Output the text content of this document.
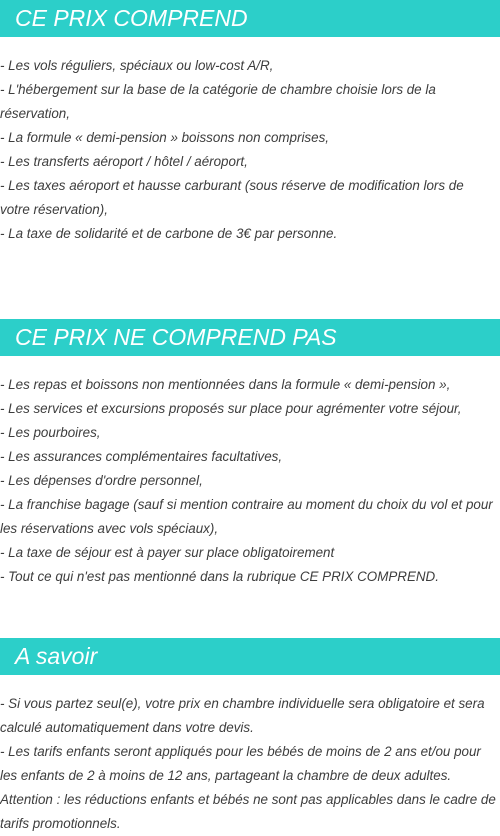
CE PRIX COMPREND

- Les vols réguliers, spéciaux ou low-cost A/R,

- L'hébergement sur la base de la catégorie de chambre choisie lors de la réservation,

- La formule « demi-pension » boissons non comprises,

- Les transferts aéroport / hôtel / aéroport,

- Les taxes aéroport et hausse carburant (sous réserve de modification lors de votre réservation),

- La taxe de solidarité et de carbone de 3€ par personne.

CE PRIX NE COMPREND PAS

- Les repas et boissons non mentionnées dans la formule « demi-pension »,

- Les services et excursions proposés sur place pour agrémenter votre séjour,

- Les pourboires,

- Les assurances complémentaires facultatives,

- Les dépenses d'ordre personnel,

- La franchise bagage (sauf si mention contraire au moment du choix du vol et pour les réservations avec vols spéciaux),

- La taxe de séjour est à payer sur place obligatoirement

- Tout ce qui n'est pas mentionné dans la rubrique CE PRIX COMPREND.

A savoir

- Si vous partez seul(e), votre prix en chambre individuelle sera obligatoire et sera calculé automatiquement dans votre devis.

- Les tarifs enfants seront appliqués pour les bébés de moins de 2 ans et/ou pour les enfants de 2 à moins de 12 ans, partageant la chambre de deux adultes.

Attention : les réductions enfants et bébés ne sont pas applicables dans le cadre de tarifs promotionnels.
